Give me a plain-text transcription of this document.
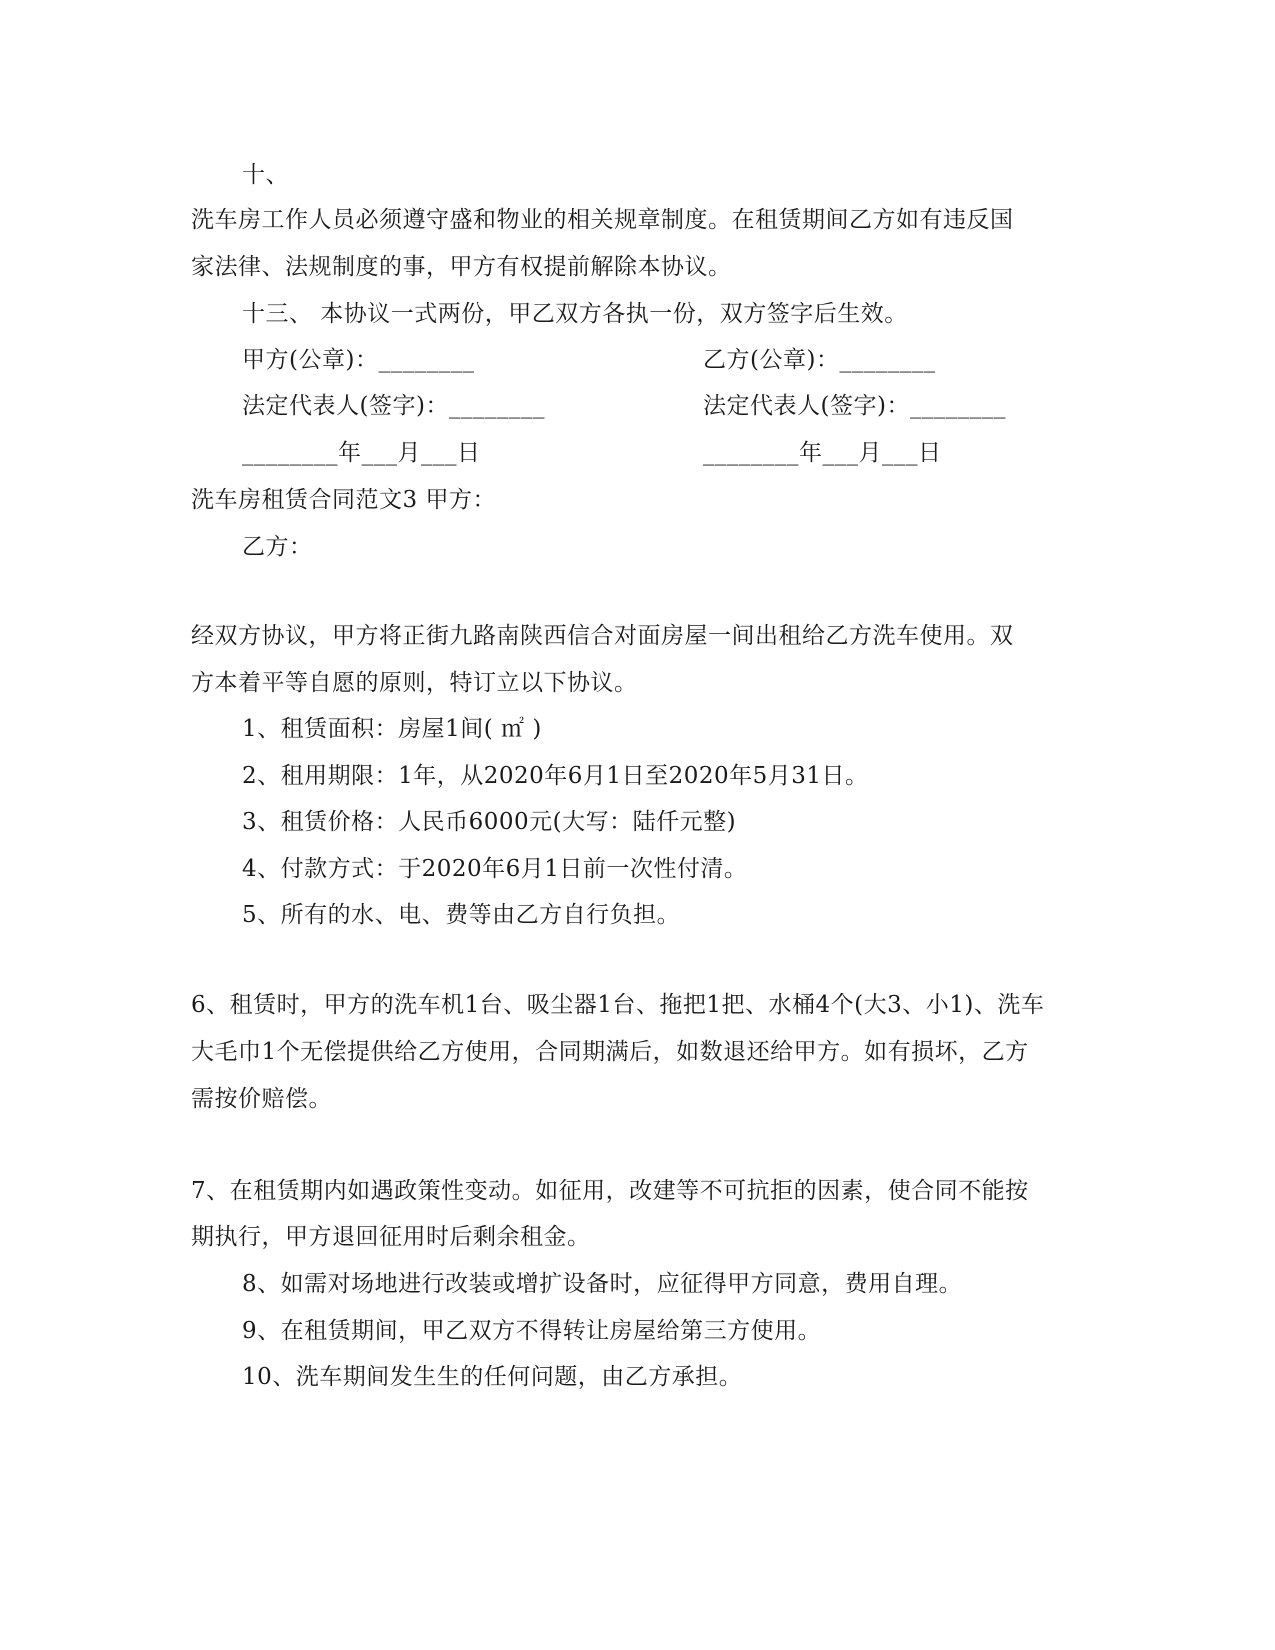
十、
洗车房工作人员必须遵守盛和物业的相关规章制度。在租赁期间乙方如有违反国
家法律、法规制度的事，甲方有权提前解除本协议。
十三、 本协议一式两份，甲乙双方各执一份，双方签字后生效。
甲方(公章)：________	乙方(公章)：________
法定代表人(签字)：________	法定代表人(签字)：________
________年___月___日	________年___月___日
洗车房租赁合同范文3 甲方：
乙方：
经双方协议，甲方将正街九路南陕西信合对面房屋一间出租给乙方洗车使用。双
方本着平等自愿的原则，特订立以下协议。
1、租赁面积：房屋1间( ㎡ )
2、租用期限：1年，从2020年6月1日至2020年5月31日。
3、租赁价格：人民币6000元(大写：陆仟元整)
4、付款方式：于2020年6月1日前一次性付清。
5、所有的水、电、费等由乙方自行负担。
6、租赁时，甲方的洗车机1台、吸尘器1台、拖把1把、水桶4个(大3、小1)、洗车
大毛巾1个无偿提供给乙方使用，合同期满后，如数退还给甲方。如有损坏，乙方
需按价赔偿。
7、在租赁期内如遇政策性变动。如征用，改建等不可抗拒的因素，使合同不能按
期执行，甲方退回征用时后剩余租金。
8、如需对场地进行改装或增扩设备时，应征得甲方同意，费用自理。
9、在租赁期间，甲乙双方不得转让房屋给第三方使用。
10、洗车期间发生生的任何问题，由乙方承担。
